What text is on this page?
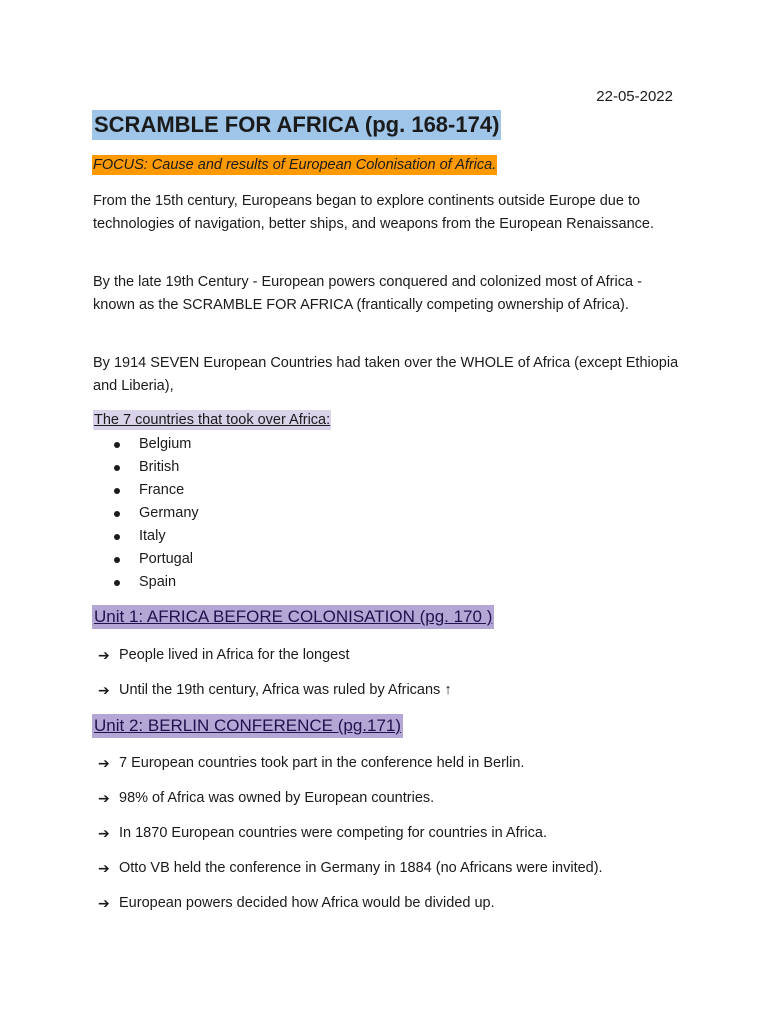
22-05-2022
SCRAMBLE FOR AFRICA (pg. 168-174)
FOCUS: Cause and results of European Colonisation of Africa.

From the 15th century, Europeans began to explore continents outside Europe due to technologies of navigation, better ships, and weapons from the European Renaissance.

By the late 19th Century - European powers conquered and colonized most of Africa - known as the SCRAMBLE FOR AFRICA (frantically competing ownership of Africa).

By 1914 SEVEN European Countries had taken over the WHOLE of Africa (except Ethiopia and Liberia),

The 7 countries that took over Africa:
Belgium
British
France
Germany
Italy
Portugal
Spain
Unit 1: AFRICA BEFORE COLONISATION (pg. 170 )
➔ People lived in Africa for the longest
➔ Until the 19th century, Africa was ruled by Africans ↑
Unit 2: BERLIN CONFERENCE (pg.171)
➔ 7 European countries took part in the conference held in Berlin.
➔ 98% of Africa was owned by European countries.
➔ In 1870 European countries were competing for countries in Africa.
➔ Otto VB held the conference in Germany in 1884 (no Africans were invited).
➔ European powers decided how Africa would be divided up.
